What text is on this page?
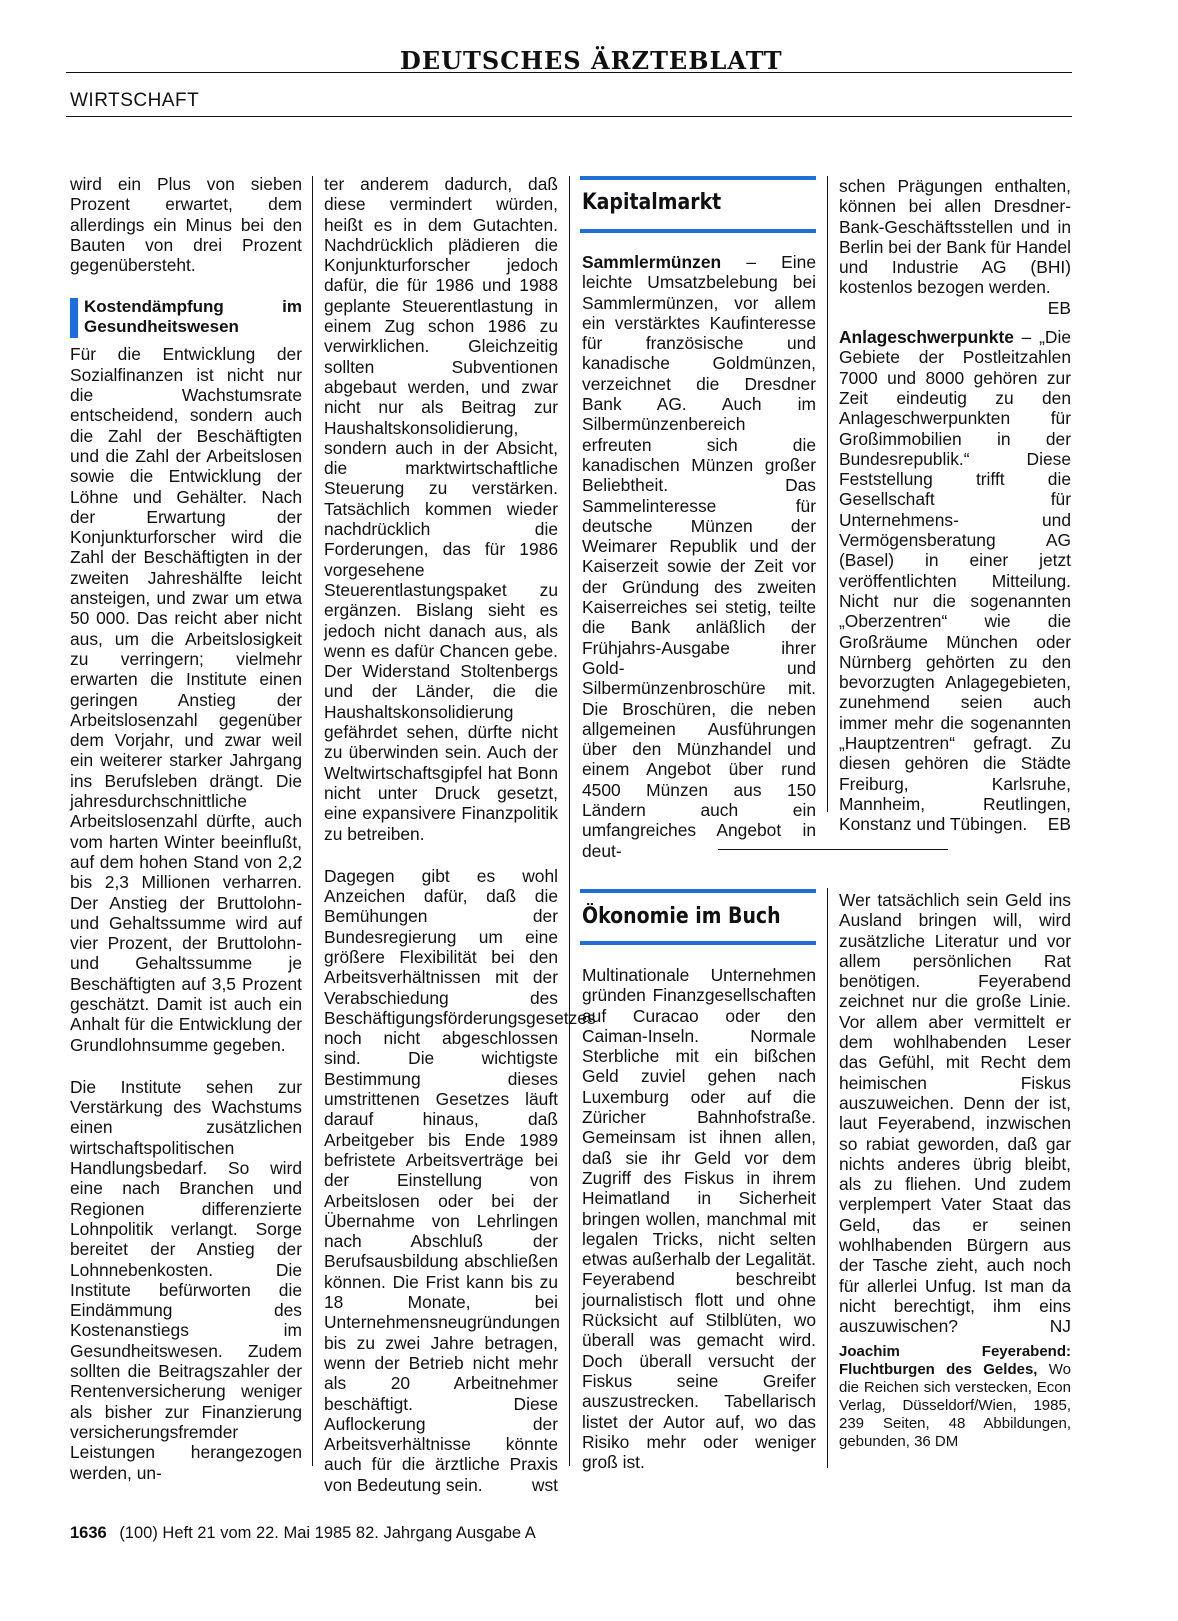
DEUTSCHES ÄRZTEBLATT
WIRTSCHAFT

wird ein Plus von sieben Prozent erwartet, dem allerdings ein Minus bei den Bauten von drei Prozent gegenübersteht.

Kostendämpfung im Gesundheitswesen

Für die Entwicklung der Sozialfinanzen ist nicht nur die Wachstumsrate entscheidend, sondern auch die Zahl der Beschäftigten und die Zahl der Arbeitslosen sowie die Entwicklung der Löhne und Gehälter. Nach der Erwartung der Konjunkturforscher wird die Zahl der Beschäftigten in der zweiten Jahreshälfte leicht ansteigen, und zwar um etwa 50 000. Das reicht aber nicht aus, um die Arbeitslosigkeit zu verringern; vielmehr erwarten die Institute einen geringen Anstieg der Arbeitslosenzahl gegenüber dem Vorjahr, und zwar weil ein weiterer starker Jahrgang ins Berufsleben drängt. Die jahresdurchschnittliche Arbeitslosenzahl dürfte, auch vom harten Winter beeinflußt, auf dem hohen Stand von 2,2 bis 2,3 Millionen verharren. Der Anstieg der Bruttolohn- und Gehaltssumme wird auf vier Prozent, der Bruttolohn- und Gehaltssumme je Beschäftigten auf 3,5 Prozent geschätzt. Damit ist auch ein Anhalt für die Entwicklung der Grundlohnsumme gegeben.

Die Institute sehen zur Verstärkung des Wachstums einen zusätzlichen wirtschaftspolitischen Handlungsbedarf. So wird eine nach Branchen und Regionen differenzierte Lohnpolitik verlangt. Sorge bereitet der Anstieg der Lohnnebenkosten. Die Institute befürworten die Eindämmung des Kostenanstiegs im Gesundheitswesen. Zudem sollten die Beitragszahler der Rentenversicherung weniger als bisher zur Finanzierung versicherungsfremder Leistungen herangezogen werden, un-

ter anderem dadurch, daß diese vermindert würden, heißt es in dem Gutachten. Nachdrücklich plädieren die Konjunkturforscher jedoch dafür, die für 1986 und 1988 geplante Steuerentlastung in einem Zug schon 1986 zu verwirklichen. Gleichzeitig sollten Subventionen abgebaut werden, und zwar nicht nur als Beitrag zur Haushaltskonsolidierung, sondern auch in der Absicht, die marktwirtschaftliche Steuerung zu verstärken. Tatsächlich kommen wieder nachdrücklich die Forderungen, das für 1986 vorgesehene Steuerentlastungspaket zu ergänzen. Bislang sieht es jedoch nicht danach aus, als wenn es dafür Chancen gebe. Der Widerstand Stoltenbergs und der Länder, die die Haushaltskonsolidierung gefährdet sehen, dürfte nicht zu überwinden sein. Auch der Weltwirtschaftsgipfel hat Bonn nicht unter Druck gesetzt, eine expansivere Finanzpolitik zu betreiben.

Dagegen gibt es wohl Anzeichen dafür, daß die Bemühungen der Bundesregierung um eine größere Flexibilität bei den Arbeitsverhältnissen mit der Verabschiedung des Beschäftigungsförderungsgesetzes noch nicht abgeschlossen sind. Die wichtigste Bestimmung dieses umstrittenen Gesetzes läuft darauf hinaus, daß Arbeitgeber bis Ende 1989 befristete Arbeitsverträge bei der Einstellung von Arbeitslosen oder bei der Übernahme von Lehrlingen nach Abschluß der Berufsausbildung abschließen können. Die Frist kann bis zu 18 Monate, bei Unternehmensneugründungen bis zu zwei Jahre betragen, wenn der Betrieb nicht mehr als 20 Arbeitnehmer beschäftigt. Diese Auflockerung der Arbeitsverhältnisse könnte auch für die ärztliche Praxis von Bedeutung sein.	wst

Kapitalmarkt

Sammlermünzen – Eine leichte Umsatzbelebung bei Sammlermünzen, vor allem ein verstärktes Kaufinteresse für französische und kanadische Goldmünzen, verzeichnet die Dresdner Bank AG. Auch im Silbermünzenbereich erfreuten sich die kanadischen Münzen großer Beliebtheit. Das Sammelinteresse für deutsche Münzen der Weimarer Republik und der Kaiserzeit sowie der Zeit vor der Gründung des zweiten Kaiserreiches sei stetig, teilte die Bank anläßlich der Frühjahrs-Ausgabe ihrer Gold- und Silbermünzenbroschüre mit. Die Broschüren, die neben allgemeinen Ausführungen über den Münzhandel und einem Angebot über rund 4500 Münzen aus 150 Ländern auch ein umfangreiches Angebot in deut-

schen Prägungen enthalten, können bei allen Dresdner-Bank-Geschäftsstellen und in Berlin bei der Bank für Handel und Industrie AG (BHI) kostenlos bezogen werden.
EB

Anlageschwerpunkte – „Die Gebiete der Postleitzahlen 7000 und 8000 gehören zur Zeit eindeutig zu den Anlageschwerpunkten für Großimmobilien in der Bundesrepublik.“ Diese Feststellung trifft die Gesellschaft für Unternehmens- und Vermögensberatung AG (Basel) in einer jetzt veröffentlichten Mitteilung. Nicht nur die sogenannten „Oberzentren“ wie die Großräume München oder Nürnberg gehörten zu den bevorzugten Anlagegebieten, zunehmend seien auch immer mehr die sogenannten „Hauptzentren“ gefragt. Zu diesen gehören die Städte Freiburg, Karlsruhe, Mannheim, Reutlingen, Konstanz und Tübingen. EB

Ökonomie im Buch

Multinationale Unternehmen gründen Finanzgesellschaften auf Curacao oder den Caiman-Inseln. Normale Sterbliche mit ein bißchen Geld zuviel gehen nach Luxemburg oder auf die Züricher Bahnhofstraße. Gemeinsam ist ihnen allen, daß sie ihr Geld vor dem Zugriff des Fiskus in ihrem Heimatland in Sicherheit bringen wollen, manchmal mit legalen Tricks, nicht selten etwas außerhalb der Legalität. Feyerabend beschreibt journalistisch flott und ohne Rücksicht auf Stilblüten, wo überall was gemacht wird. Doch überall versucht der Fiskus seine Greifer auszustrecken. Tabellarisch listet der Autor auf, wo das Risiko mehr oder weniger groß ist.

Wer tatsächlich sein Geld ins Ausland bringen will, wird zusätzliche Literatur und vor allem persönlichen Rat benötigen. Feyerabend zeichnet nur die große Linie. Vor allem aber vermittelt er dem wohlhabenden Leser das Gefühl, mit Recht dem heimischen Fiskus auszuweichen. Denn der ist, laut Feyerabend, inzwischen so rabiat geworden, daß gar nichts anderes übrig bleibt, als zu fliehen. Und zudem verplempert Vater Staat das Geld, das er seinen wohlhabenden Bürgern aus der Tasche zieht, auch noch für allerlei Unfug. Ist man da nicht berechtigt, ihm eins auszuwischen?	NJ

Joachim Feyerabend: Fluchtburgen des Geldes, Wo die Reichen sich verstecken, Econ Verlag, Düsseldorf/Wien, 1985, 239 Seiten, 48 Abbildungen, gebunden, 36 DM

1636 (100) Heft 21 vom 22. Mai 1985 82. Jahrgang Ausgabe A
